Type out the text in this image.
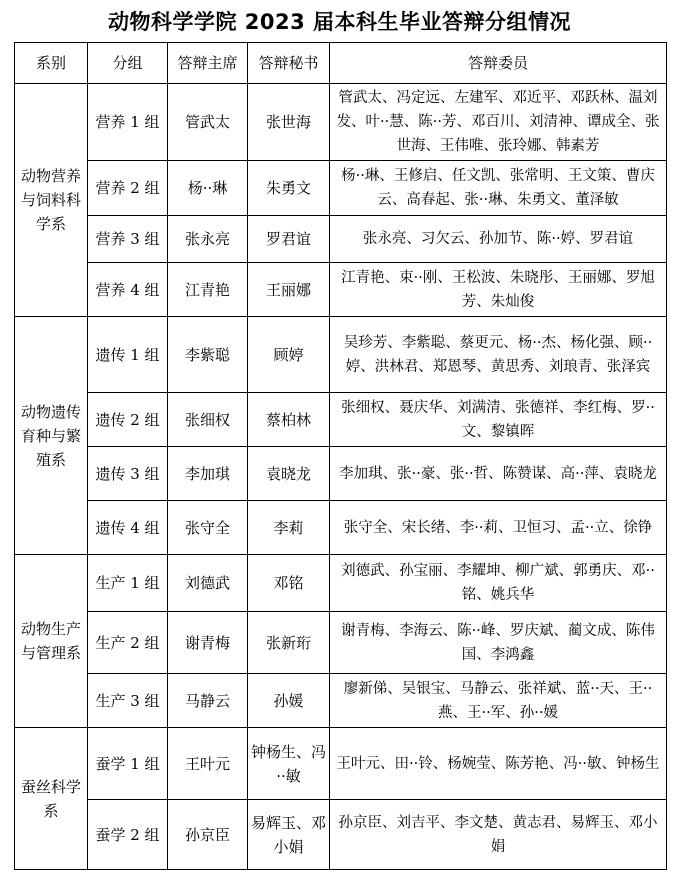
动物科学学院 2023 届本科生毕业答辩分组情况
系别	分组	答辩主席	答辩秘书	答辩委员
动物营养与饲料科学系	营养 1 组	管武太	张世海	管武太、冯定远、左建军、邓近平、邓跃林、温刘发、叶··慧、陈··芳、邓百川、刘清神、谭成全、张世海、王伟唯、张玲娜、韩素芳
	营养 2 组	杨··琳	朱勇文	杨··琳、王修启、任文凯、张常明、王文策、曹庆云、高春起、张··琳、朱勇文、董泽敏
	营养 3 组	张永亮	罗君谊	张永亮、习欠云、孙加节、陈··婷、罗君谊
	营养 4 组	江青艳	王丽娜	江青艳、束··刚、王松波、朱晓彤、王丽娜、罗旭芳、朱灿俊
动物遗传育种与繁殖系	遗传 1 组	李紫聪	顾婷	吴珍芳、李紫聪、蔡更元、杨··杰、杨化强、顾··婷、洪林君、郑恩琴、黄思秀、刘琅青、张泽宾
	遗传 2 组	张细权	蔡柏林	张细权、聂庆华、刘满清、张德祥、李红梅、罗··文、黎镇晖
	遗传 3 组	李加琪	袁晓龙	李加琪、张··豪、张··哲、陈赞谋、高··萍、袁晓龙
	遗传 4 组	张守全	李莉	张守全、宋长绪、李··莉、卫恒习、孟··立、徐铮
动物生产与管理系	生产 1 组	刘德武	邓铭	刘德武、孙宝丽、李耀坤、柳广斌、郭勇庆、邓··铭、姚兵华
	生产 2 组	谢青梅	张新珩	谢青梅、李海云、陈··峰、罗庆斌、蔺文成、陈伟国、李鸿鑫
	生产 3 组	马静云	孙媛	廖新俤、吴银宝、马静云、张祥斌、蓝··天、王··燕、王··军、孙··媛
蚕丝科学系	蚕学 1 组	王叶元	钟杨生、冯··敏	王叶元、田··铃、杨婉莹、陈芳艳、冯··敏、钟杨生
	蚕学 2 组	孙京臣	易辉玉、邓小娟	孙京臣、刘吉平、李文楚、黄志君、易辉玉、邓小娟
